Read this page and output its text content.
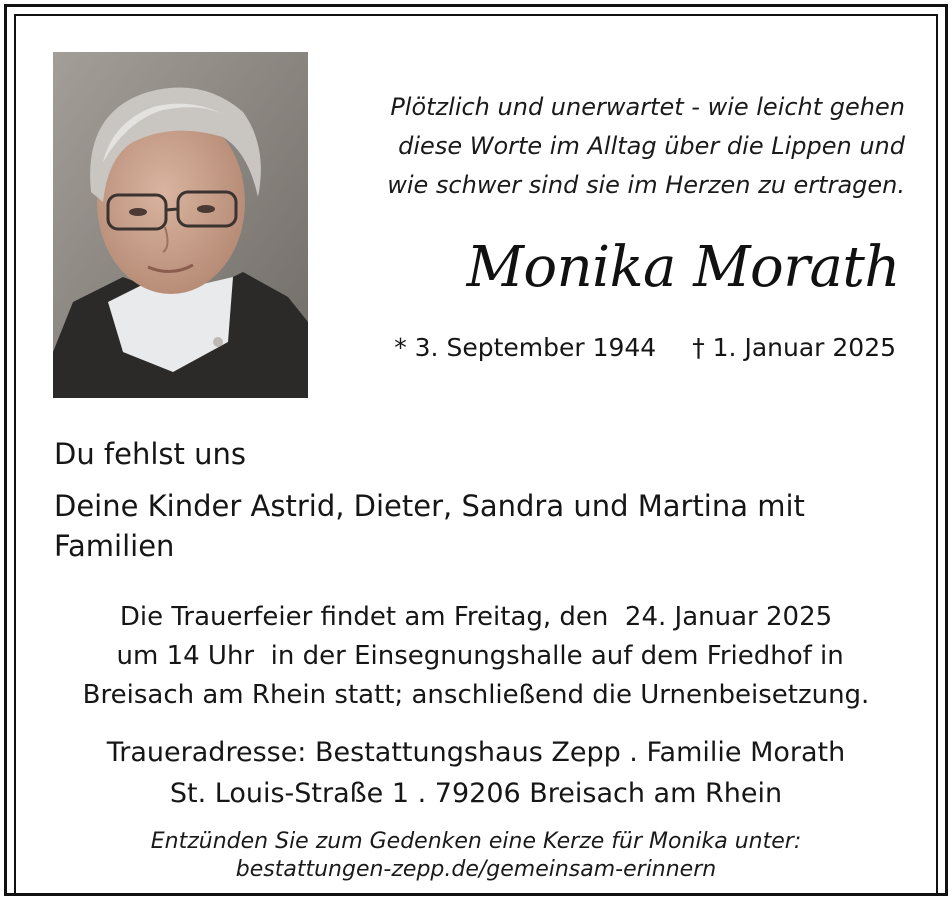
Plötzlich und unerwartet - wie leicht gehen
diese Worte im Alltag über die Lippen und
wie schwer sind sie im Herzen zu ertragen.
Monika Morath
* 3. September 1944 † 1. Januar 2025
Du fehlst uns
Deine Kinder Astrid, Dieter, Sandra und Martina mit
Familien
Die Trauerfeier findet am Freitag, den  24. Januar 2025
um 14 Uhr  in der Einsegnungshalle auf dem Friedhof in
Breisach am Rhein statt; anschließend die Urnenbeisetzung.
Traueradresse: Bestattungshaus Zepp . Familie Morath
St. Louis-Straße 1 . 79206 Breisach am Rhein
Entzünden Sie zum Gedenken eine Kerze für Monika unter:
bestattungen-zepp.de/gemeinsam-erinnern
